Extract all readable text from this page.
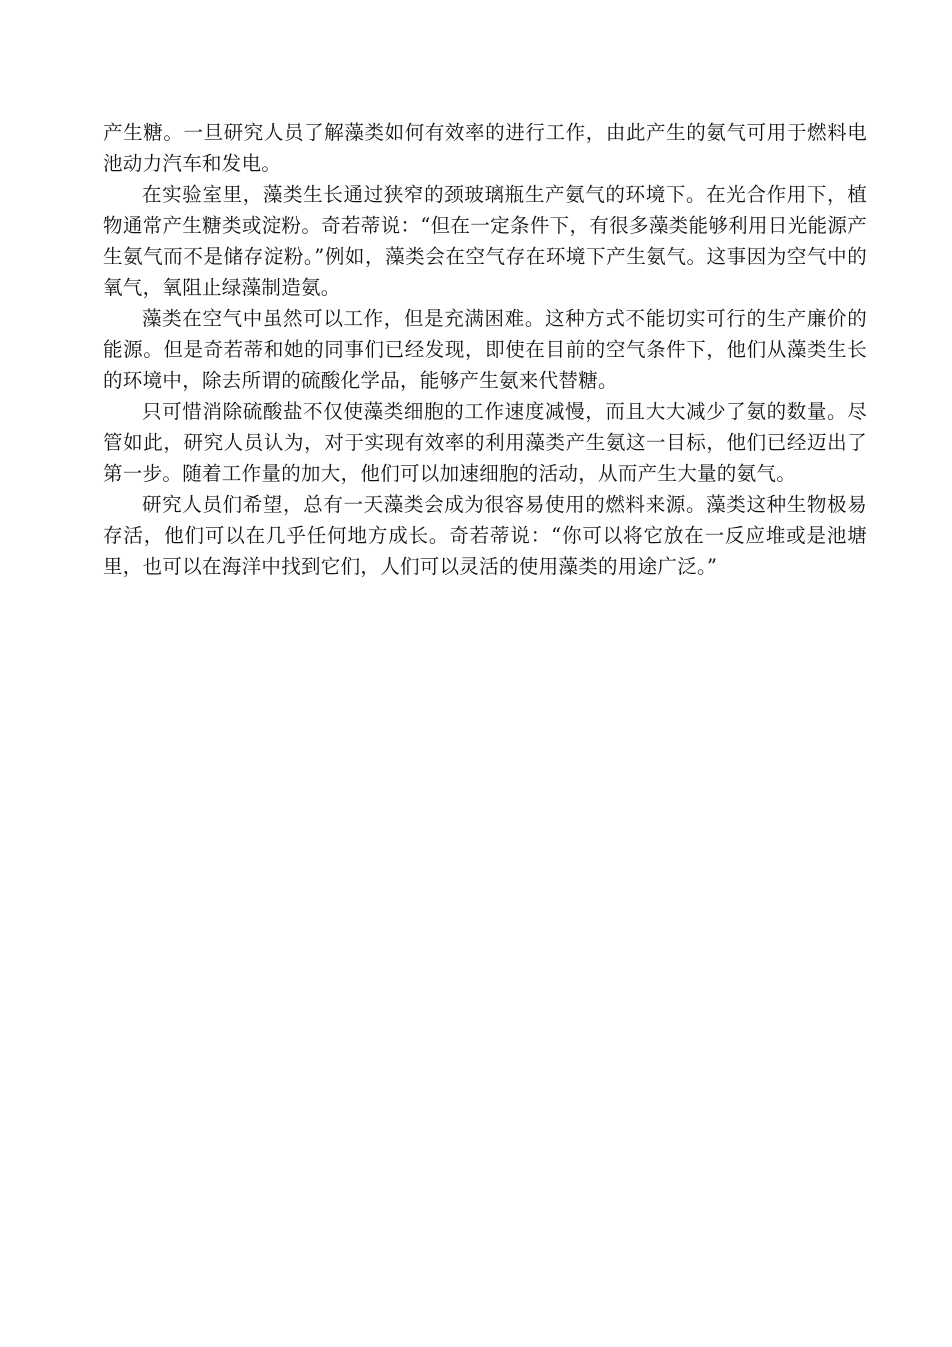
产生糖。一旦研究人员了解藻类如何有效率的进行工作，由此产生的氨气可用于燃料电池动力汽车和发电。

在实验室里，藻类生长通过狭窄的颈玻璃瓶生产氨气的环境下。在光合作用下，植物通常产生糖类或淀粉。奇若蒂说：“但在一定条件下，有很多藻类能够利用日光能源产生氨气而不是储存淀粉。”例如，藻类会在空气存在环境下产生氨气。这事因为空气中的氧气，氧阻止绿藻制造氨。

藻类在空气中虽然可以工作，但是充满困难。这种方式不能切实可行的生产廉价的能源。但是奇若蒂和她的同事们已经发现，即使在目前的空气条件下，他们从藻类生长的环境中，除去所谓的硫酸化学品，能够产生氨来代替糖。

只可惜消除硫酸盐不仅使藻类细胞的工作速度减慢，而且大大减少了氨的数量。尽管如此，研究人员认为，对于实现有效率的利用藻类产生氨这一目标，他们已经迈出了第一步。随着工作量的加大，他们可以加速细胞的活动，从而产生大量的氨气。

研究人员们希望，总有一天藻类会成为很容易使用的燃料来源。藻类这种生物极易存活，他们可以在几乎任何地方成长。奇若蒂说：“你可以将它放在一反应堆或是池塘里，也可以在海洋中找到它们，人们可以灵活的使用藻类的用途广泛。”
